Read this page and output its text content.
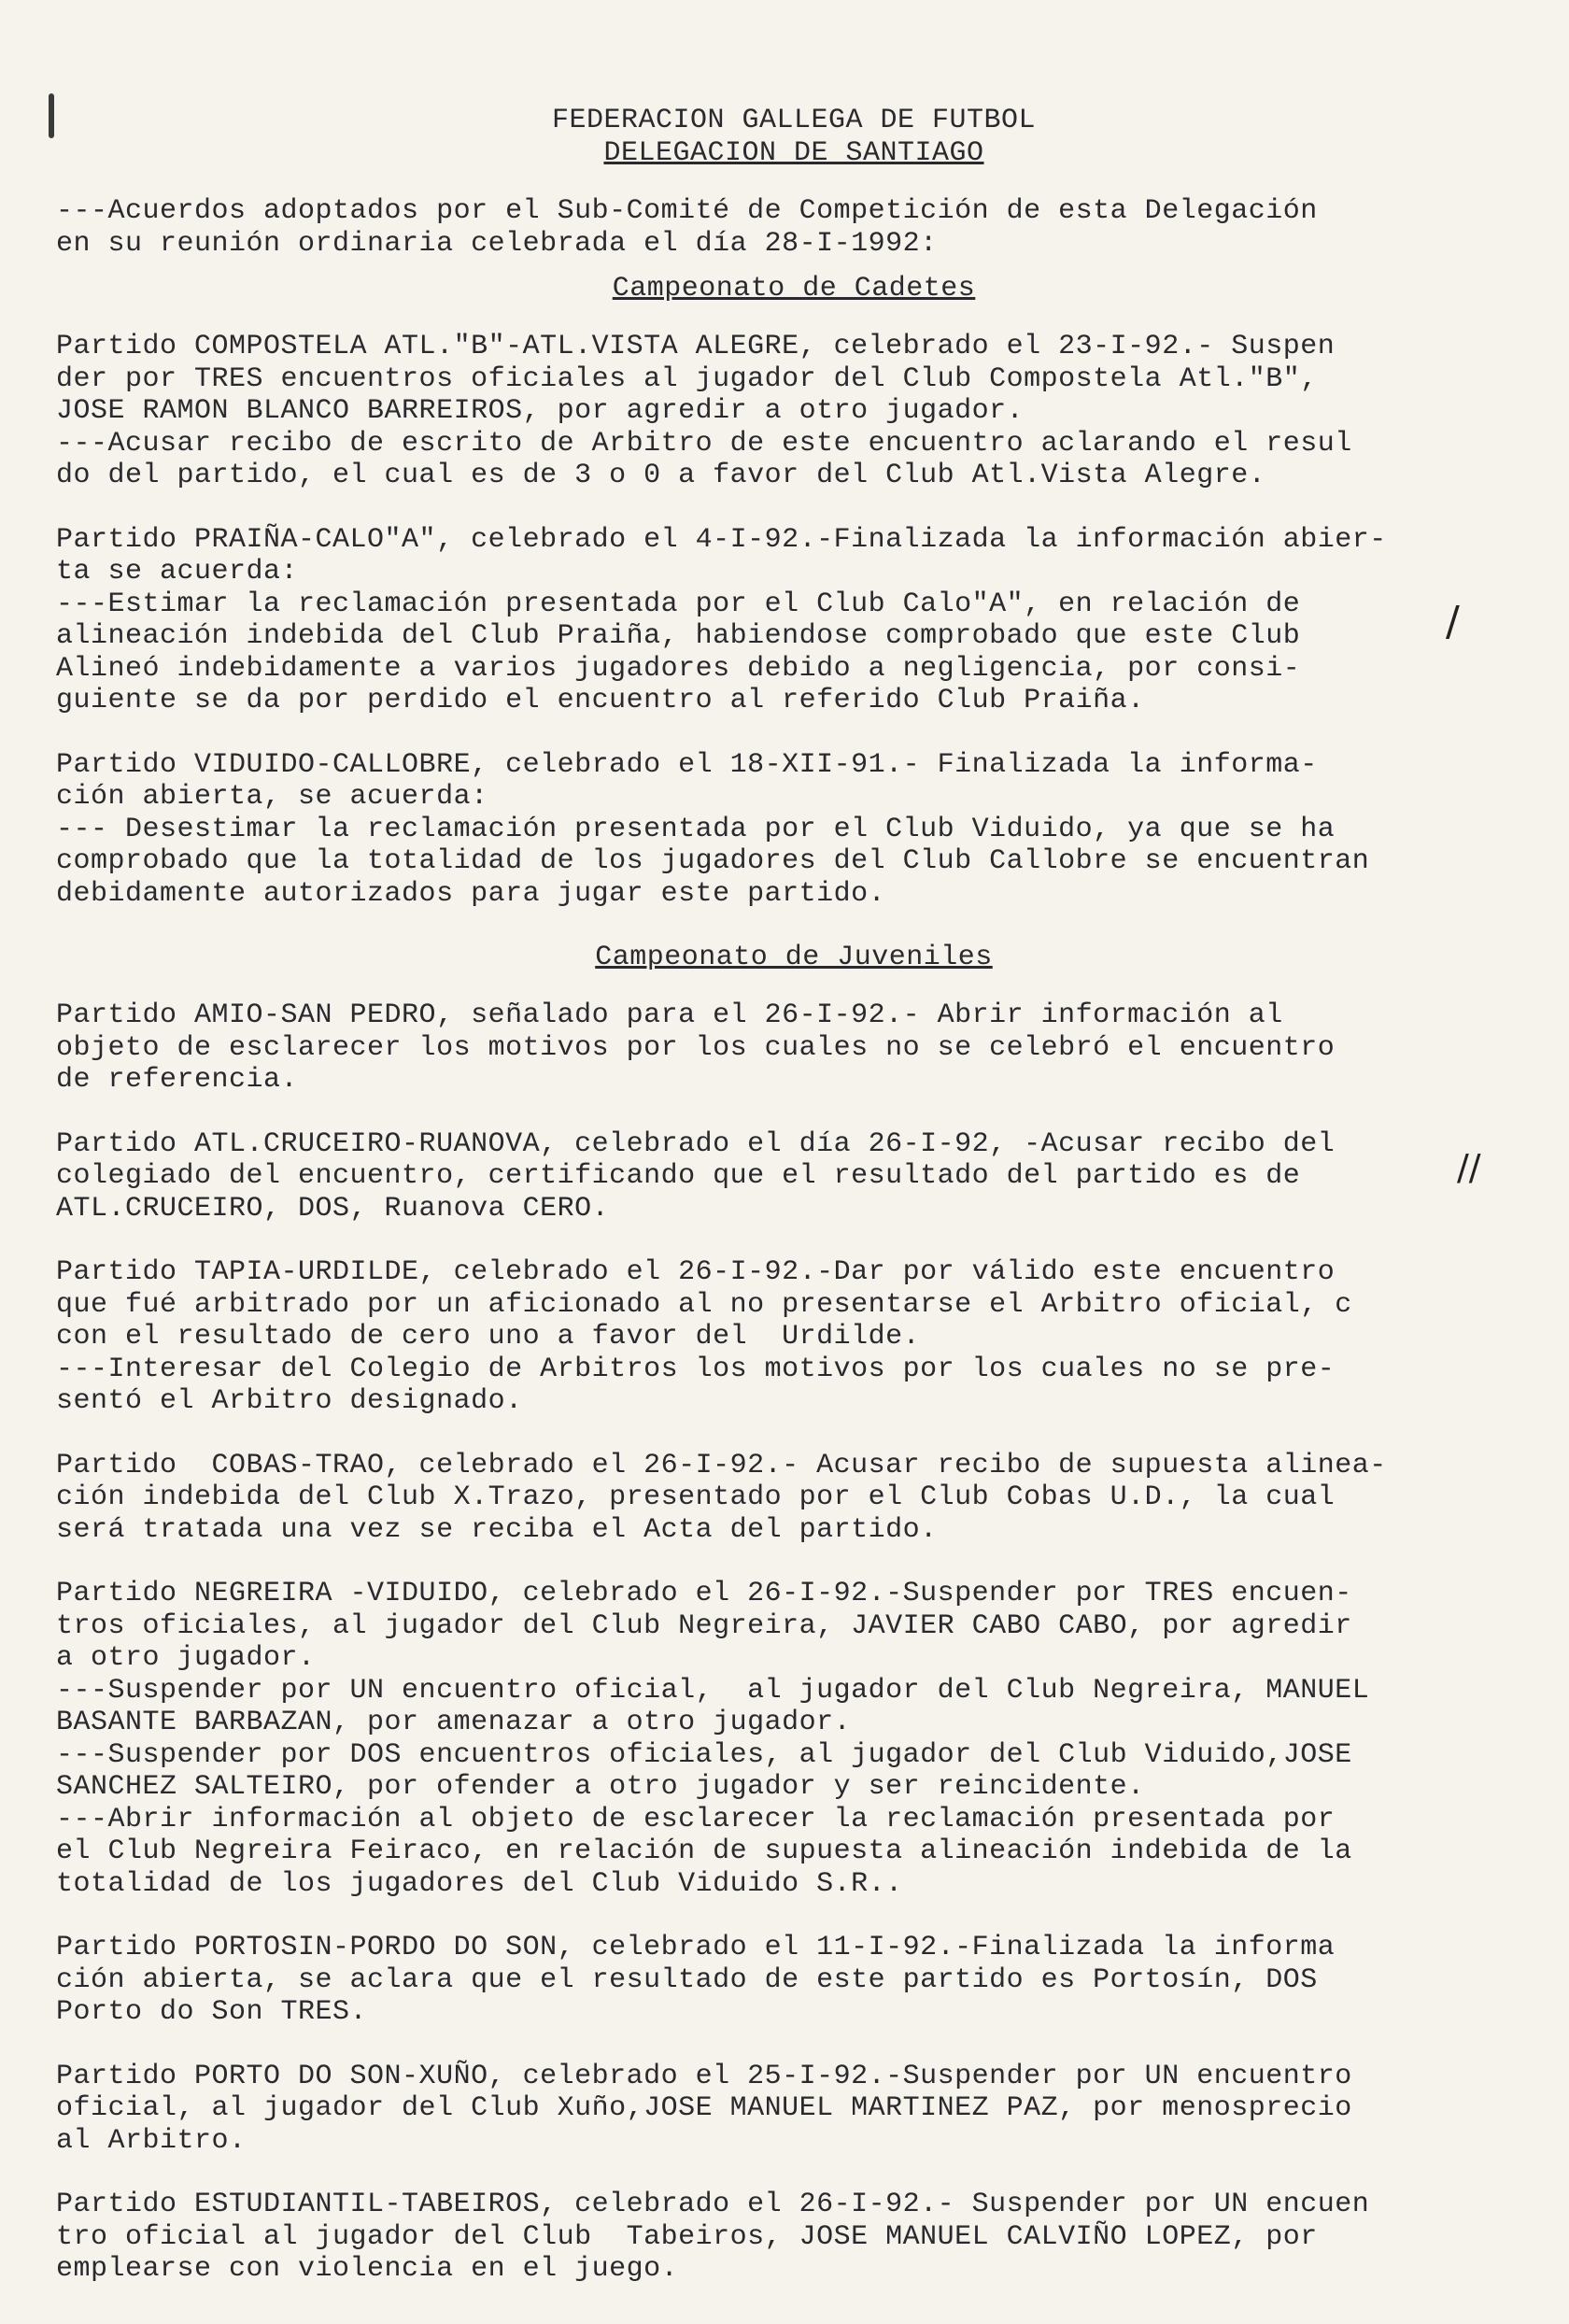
FEDERACION GALLEGA DE FUTBOL
DELEGACION DE SANTIAGO
---Acuerdos adoptados por el Sub-Comité de Competición de esta Delegación
en su reunión ordinaria celebrada el día 28-I-1992:
Campeonato de Cadetes
Partido COMPOSTELA ATL."B"-ATL.VISTA ALEGRE, celebrado el 23-I-92.- Suspen
der por TRES encuentros oficiales al jugador del Club Compostela Atl."B",
JOSE RAMON BLANCO BARREIROS, por agredir a otro jugador.
---Acusar recibo de escrito de Arbitro de este encuentro aclarando el resul
do del partido, el cual es de 3 o 0 a favor del Club Atl.Vista Alegre.
Partido PRAIÑA-CALO"A", celebrado el 4-I-92.-Finalizada la información abier-
ta se acuerda:
---Estimar la reclamación presentada por el Club Calo"A", en relación de
alineación indebida del Club Praiña, habiendose comprobado que este Club
Alineó indebidamente a varios jugadores debido a negligencia, por consi-
guiente se da por perdido el encuentro al referido Club Praiña.
Partido VIDUIDO-CALLOBRE, celebrado el 18-XII-91.- Finalizada la informa-
ción abierta, se acuerda:
--- Desestimar la reclamación presentada por el Club Viduido, ya que se ha
comprobado que la totalidad de los jugadores del Club Callobre se encuentran
debidamente autorizados para jugar este partido.
Campeonato de Juveniles
Partido AMIO-SAN PEDRO, señalado para el 26-I-92.- Abrir información al
objeto de esclarecer los motivos por los cuales no se celebró el encuentro
de referencia.
Partido ATL.CRUCEIRO-RUANOVA, celebrado el día 26-I-92, -Acusar recibo del
colegiado del encuentro, certificando que el resultado del partido es de
ATL.CRUCEIRO, DOS, Ruanova CERO.
Partido TAPIA-URDILDE, celebrado el 26-I-92.-Dar por válido este encuentro
que fué arbitrado por un aficionado al no presentarse el Arbitro oficial, c
con el resultado de cero uno a favor del  Urdilde.
---Interesar del Colegio de Arbitros los motivos por los cuales no se pre-
sentó el Arbitro designado.
Partido  COBAS-TRAO, celebrado el 26-I-92.- Acusar recibo de supuesta alinea-
ción indebida del Club X.Trazo, presentado por el Club Cobas U.D., la cual
será tratada una vez se reciba el Acta del partido.
Partido NEGREIRA -VIDUIDO, celebrado el 26-I-92.-Suspender por TRES encuen-
tros oficiales, al jugador del Club Negreira, JAVIER CABO CABO, por agredir
a otro jugador.
---Suspender por UN encuentro oficial,  al jugador del Club Negreira, MANUEL
BASANTE BARBAZAN, por amenazar a otro jugador.
---Suspender por DOS encuentros oficiales, al jugador del Club Viduido,JOSE
SANCHEZ SALTEIRO, por ofender a otro jugador y ser reincidente.
---Abrir información al objeto de esclarecer la reclamación presentada por
el Club Negreira Feiraco, en relación de supuesta alineación indebida de la
totalidad de los jugadores del Club Viduido S.R..
Partido PORTOSIN-PORDO DO SON, celebrado el 11-I-92.-Finalizada la informa
ción abierta, se aclara que el resultado de este partido es Portosín, DOS
Porto do Son TRES.
Partido PORTO DO SON-XUÑO, celebrado el 25-I-92.-Suspender por UN encuentro
oficial, al jugador del Club Xuño,JOSE MANUEL MARTINEZ PAZ, por menosprecio
al Arbitro.
Partido ESTUDIANTIL-TABEIROS, celebrado el 26-I-92.- Suspender por UN encuen
tro oficial al jugador del Club  Tabeiros, JOSE MANUEL CALVIÑO LOPEZ, por
emplearse con violencia en el juego.
/
//
